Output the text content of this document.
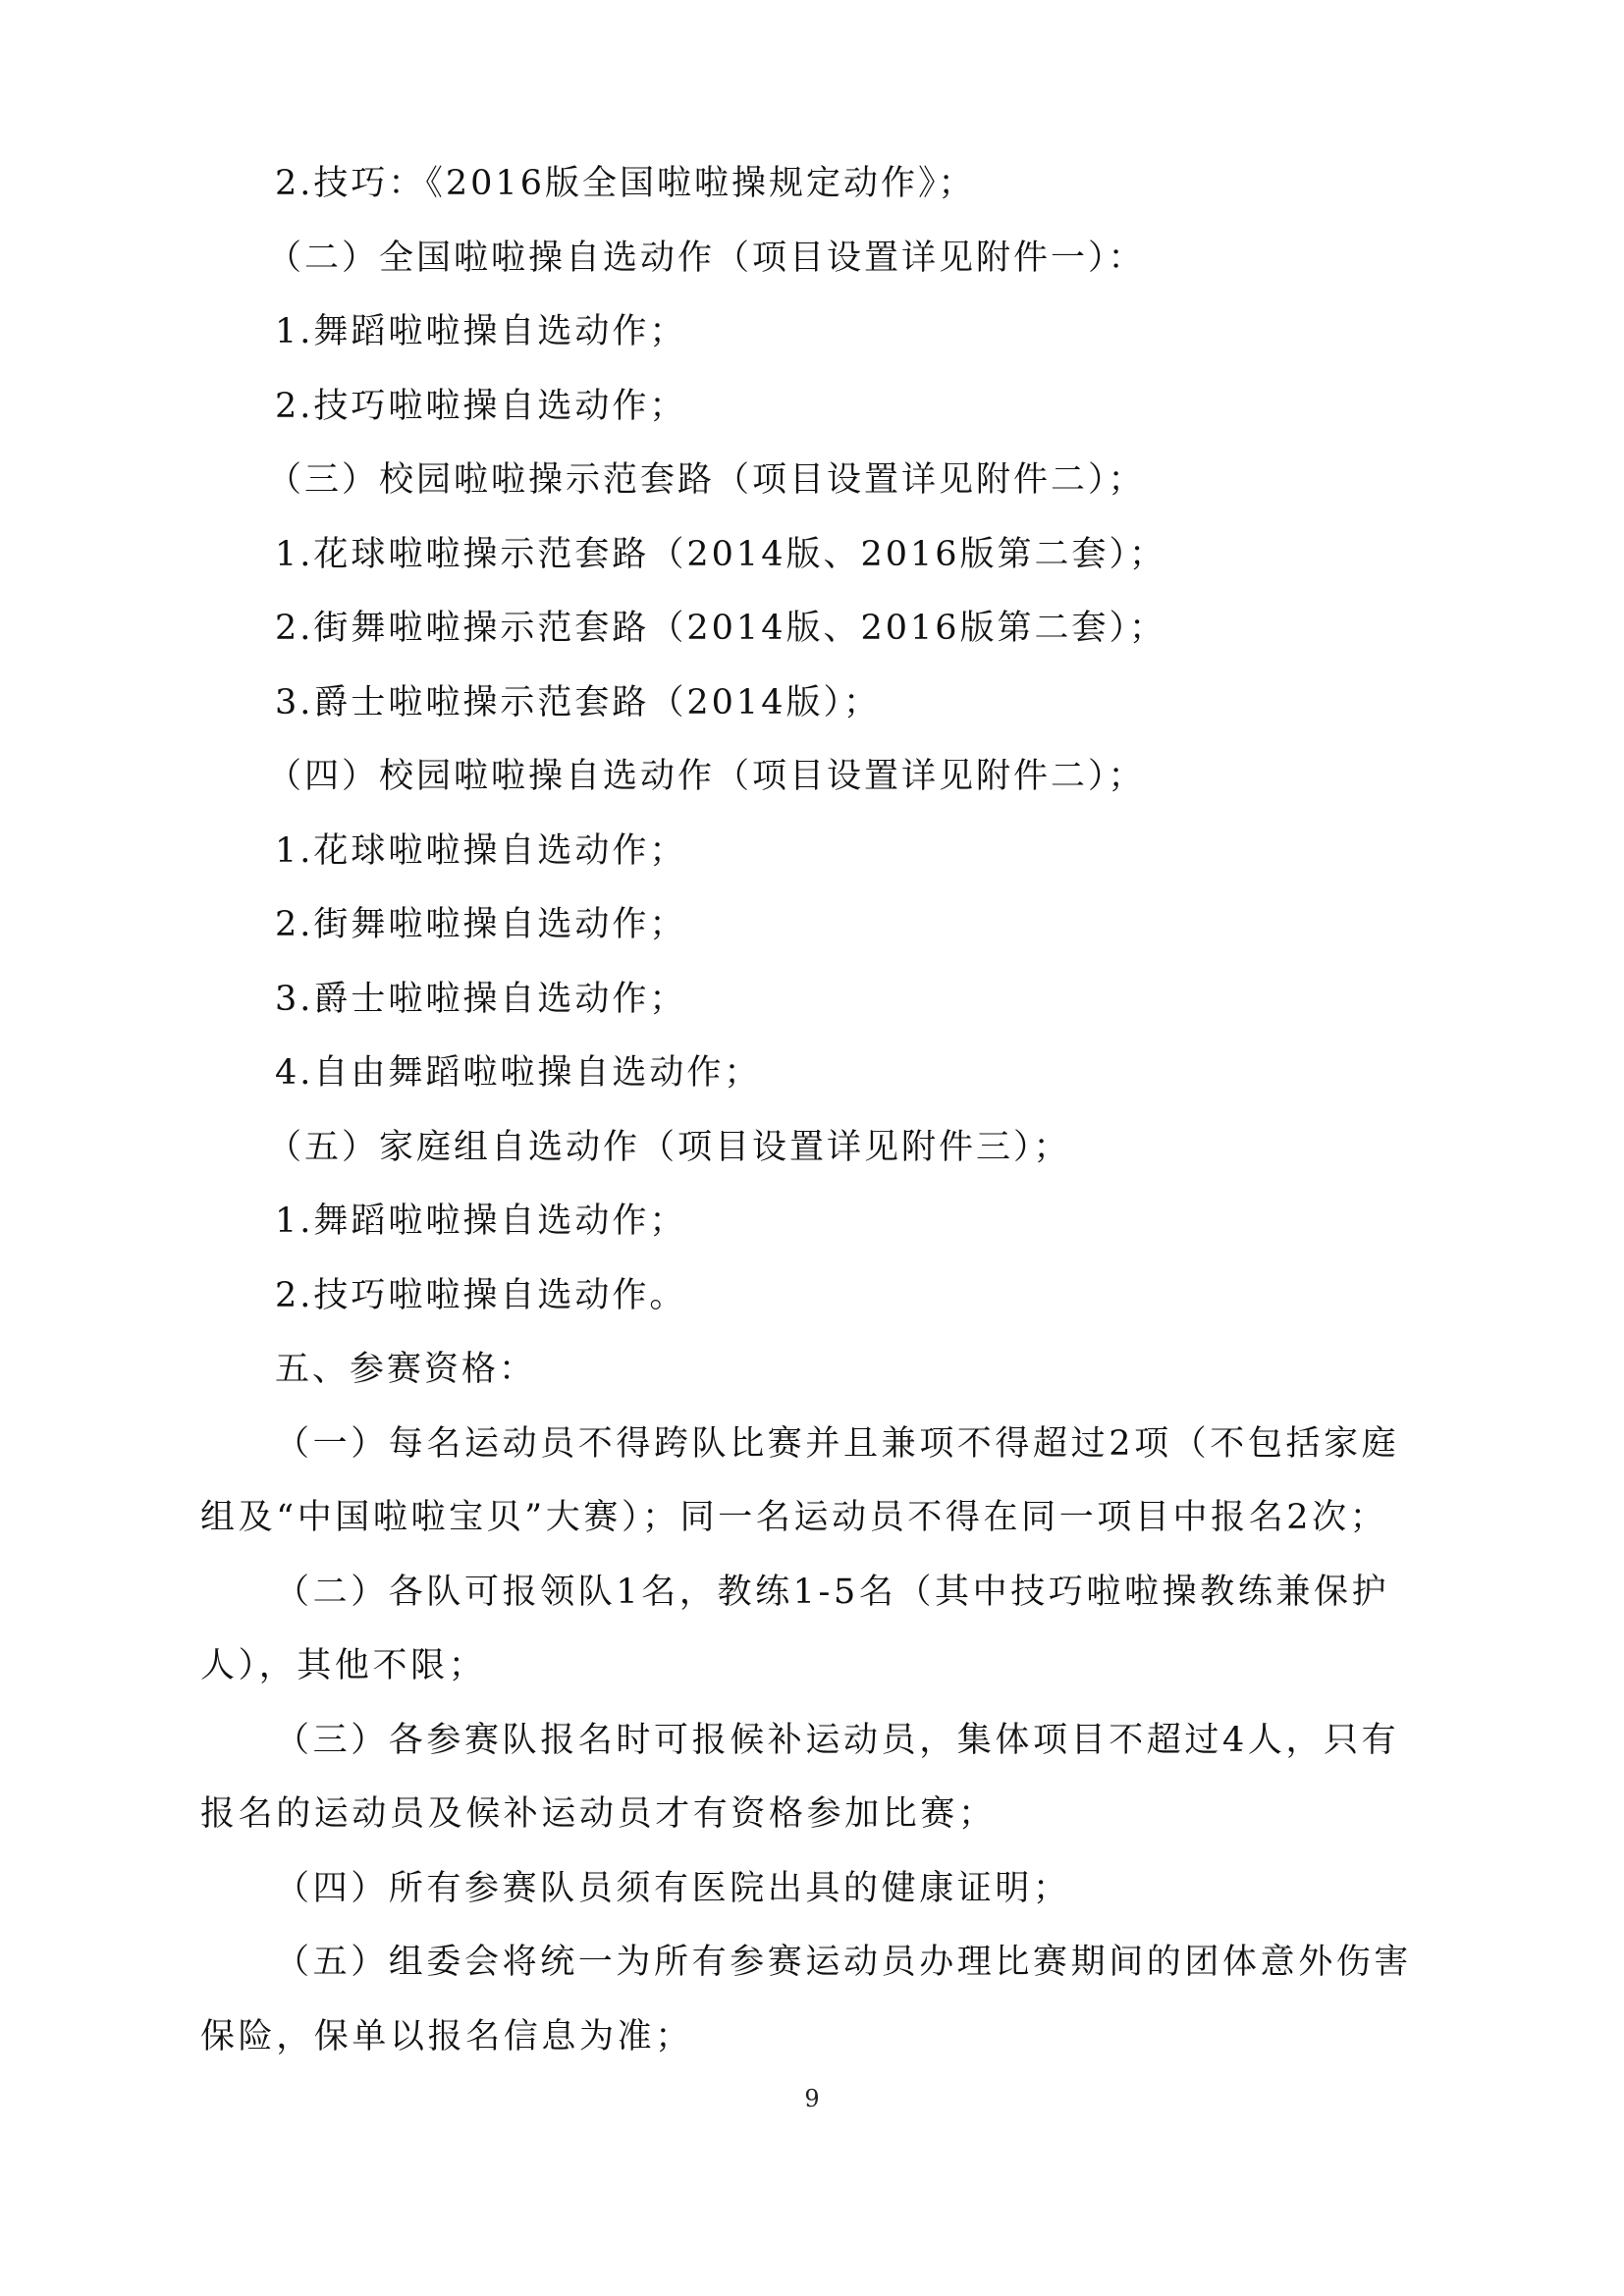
2.技巧：《2016版全国啦啦操规定动作》；
（二）全国啦啦操自选动作（项目设置详见附件一）：
1.舞蹈啦啦操自选动作；
2.技巧啦啦操自选动作；
（三）校园啦啦操示范套路（项目设置详见附件二）；
1.花球啦啦操示范套路（2014版、2016版第二套）；
2.街舞啦啦操示范套路（2014版、2016版第二套）；
3.爵士啦啦操示范套路（2014版）；
（四）校园啦啦操自选动作（项目设置详见附件二）；
1.花球啦啦操自选动作；
2.街舞啦啦操自选动作；
3.爵士啦啦操自选动作；
4.自由舞蹈啦啦操自选动作；
（五）家庭组自选动作（项目设置详见附件三）；
1.舞蹈啦啦操自选动作；
2.技巧啦啦操自选动作。
五、参赛资格：
（一）每名运动员不得跨队比赛并且兼项不得超过2项（不包括家庭
组及“中国啦啦宝贝”大赛）；同一名运动员不得在同一项目中报名2次；
（二）各队可报领队1名，教练1-5名（其中技巧啦啦操教练兼保护
人），其他不限；
（三）各参赛队报名时可报候补运动员，集体项目不超过4人，只有
报名的运动员及候补运动员才有资格参加比赛；
（四）所有参赛队员须有医院出具的健康证明；
（五）组委会将统一为所有参赛运动员办理比赛期间的团体意外伤害
保险，保单以报名信息为准；
9
